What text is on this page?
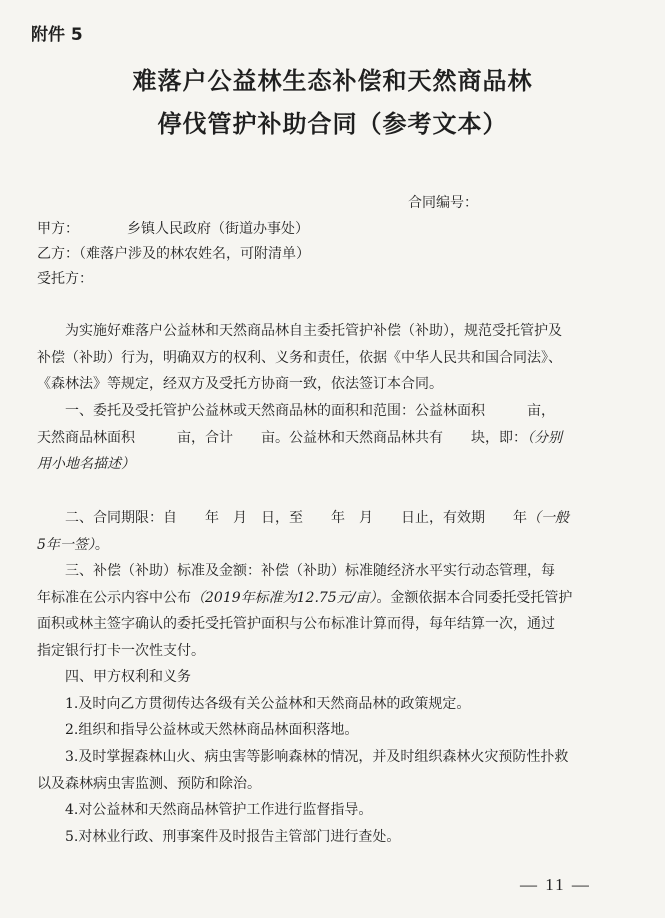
附件 5
难落户公益林生态补偿和天然商品林
停伐管护补助合同（参考文本）
合同编号：
甲方：	乡镇人民政府（街道办事处）
乙方：（难落户涉及的林农姓名，可附清单）
受托方：
为实施好难落户公益林和天然商品林自主委托管护补偿（补助），规范受托管护及
补偿（补助）行为，明确双方的权利、义务和责任，依据《中华人民共和国合同法》、
《森林法》等规定，经双方及受托方协商一致，依法签订本合同。
一、委托及受托管护公益林或天然商品林的面积和范围：公益林面积　　　亩，
天然商品林面积　　　亩，合计　　亩。公益林和天然商品林共有　　块，即：（分别
用小地名描述）
二、合同期限：自　　年　月　日，至　　年　月　　日止，有效期　　年（一般
5年一签）。
三、补偿（补助）标准及金额：补偿（补助）标准随经济水平实行动态管理，每
年标准在公示内容中公布（2019年标准为12.75元/亩）。金额依据本合同委托受托管护
面积或林主签字确认的委托受托管护面积与公布标准计算而得，每年结算一次，通过
指定银行打卡一次性支付。
四、甲方权利和义务
1.及时向乙方贯彻传达各级有关公益林和天然商品林的政策规定。
2.组织和指导公益林或天然林商品林面积落地。
3.及时掌握森林山火、病虫害等影响森林的情况，并及时组织森林火灾预防性扑救
以及森林病虫害监测、预防和除治。
4.对公益林和天然商品林管护工作进行监督指导。
5.对林业行政、刑事案件及时报告主管部门进行查处。
— 11 —
